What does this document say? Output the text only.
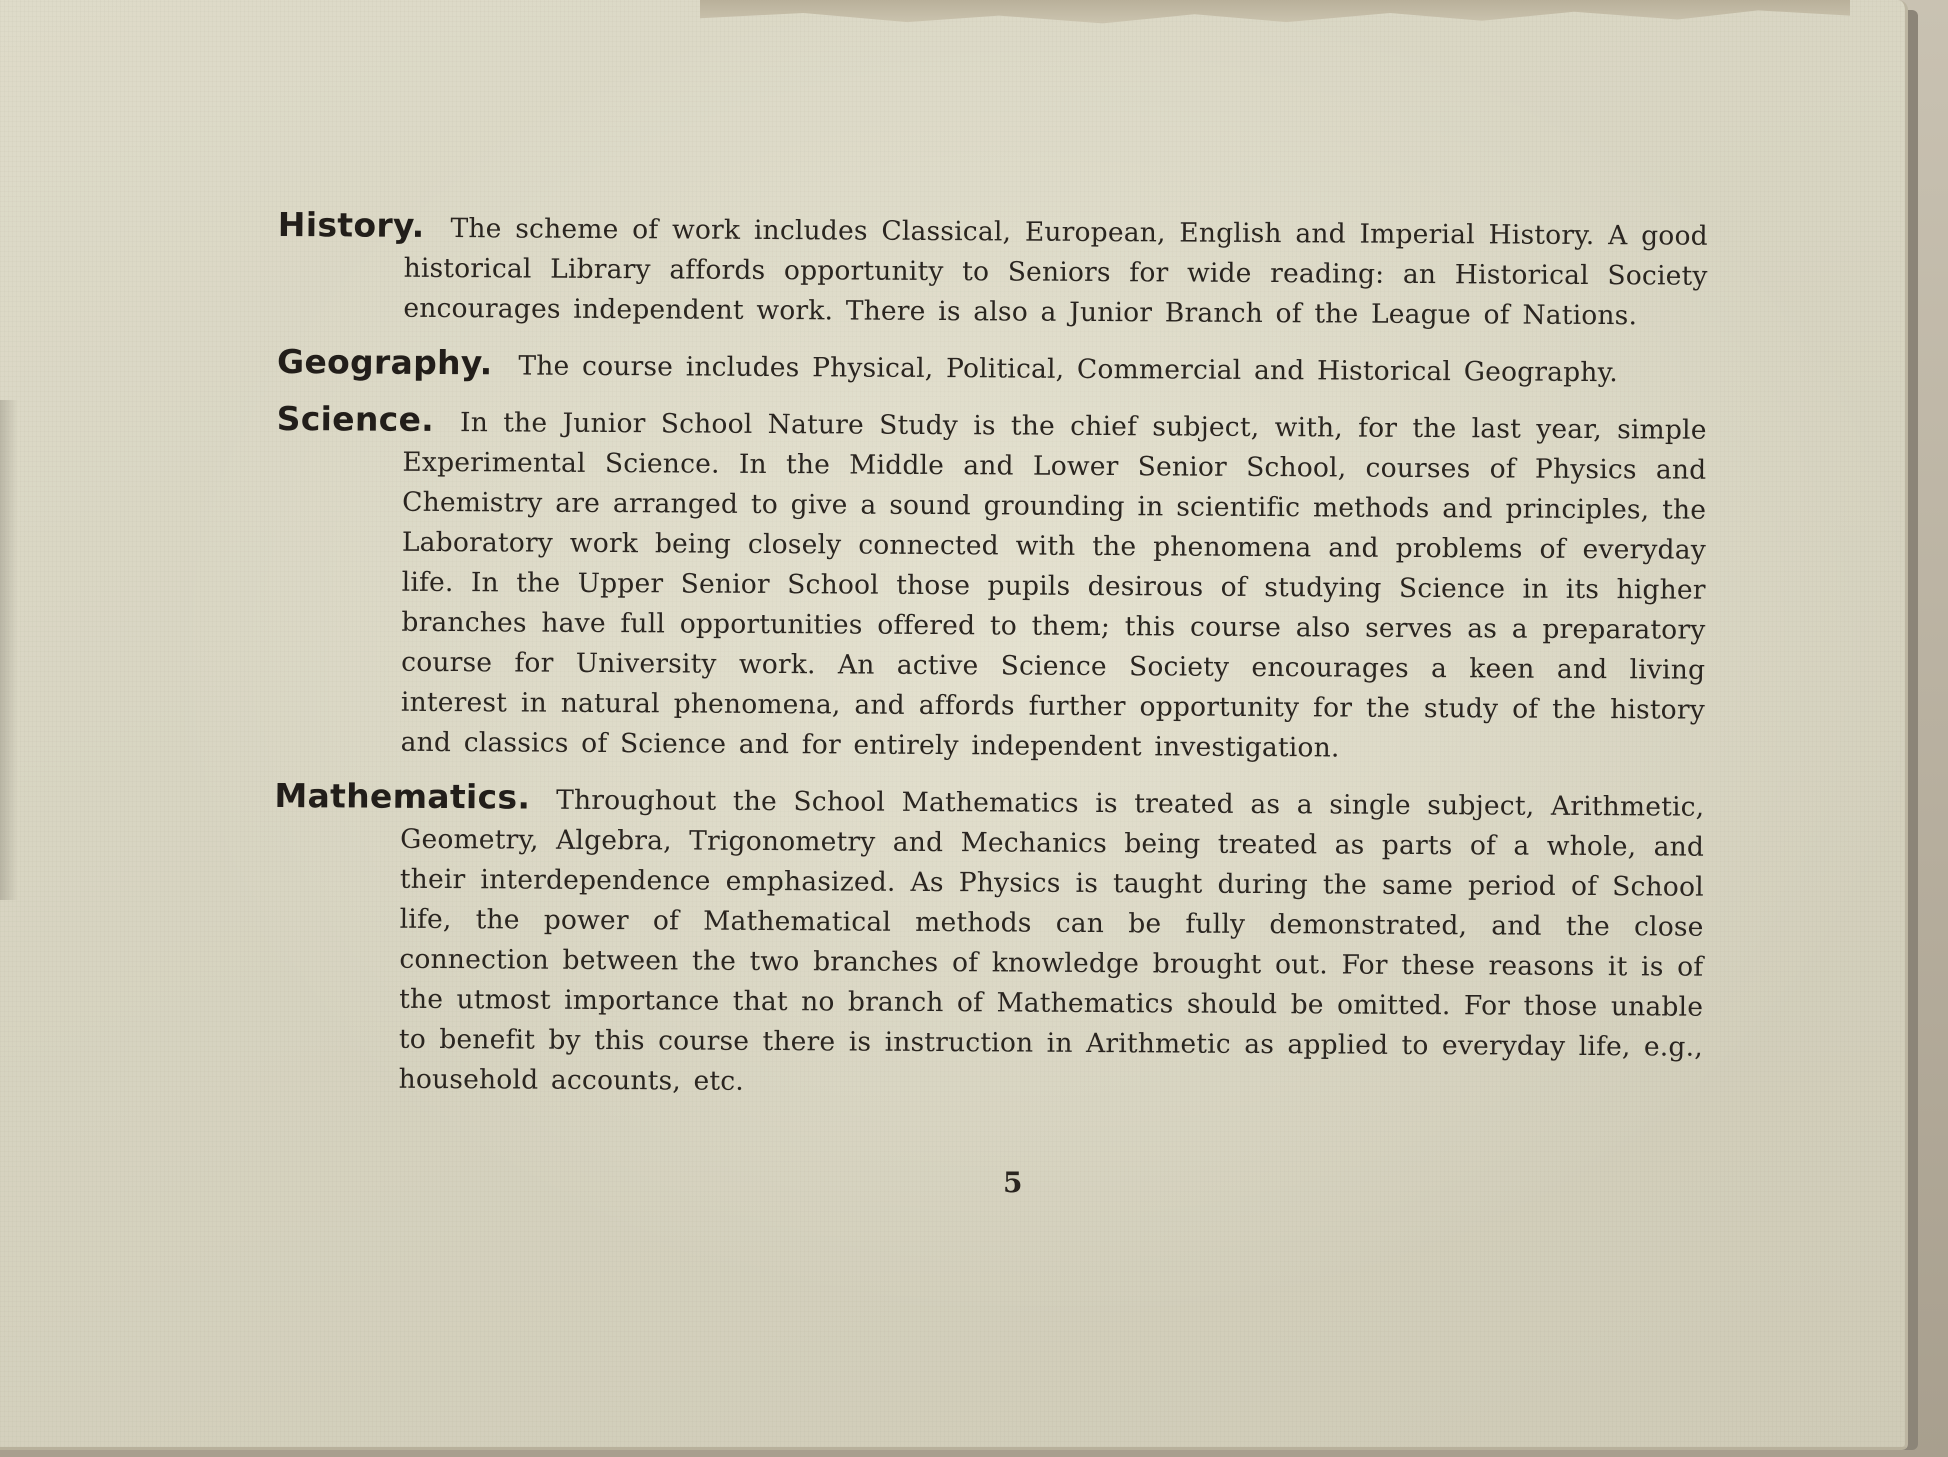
History. The scheme of work includes Classical, European, English and Imperial History. A good historical Library affords opportunity to Seniors for wide reading: an Historical Society encourages independent work. There is also a Junior Branch of the League of Nations.

Geography. The course includes Physical, Political, Commercial and Historical Geography.

Science. In the Junior School Nature Study is the chief subject, with, for the last year, simple Experimental Science. In the Middle and Lower Senior School, courses of Physics and Chemistry are arranged to give a sound grounding in scientific methods and principles, the Laboratory work being closely connected with the phenomena and problems of everyday life. In the Upper Senior School those pupils desirous of studying Science in its higher branches have full opportunities offered to them; this course also serves as a preparatory course for University work. An active Science Society encourages a keen and living interest in natural phenomena, and affords further opportunity for the study of the history and classics of Science and for entirely independent investigation.

Mathematics. Throughout the School Mathematics is treated as a single subject, Arithmetic, Geometry, Algebra, Trigonometry and Mechanics being treated as parts of a whole, and their interdependence emphasized. As Physics is taught during the same period of School life, the power of Mathematical methods can be fully demonstrated, and the close connection between the two branches of knowledge brought out. For these reasons it is of the utmost importance that no branch of Mathematics should be omitted. For those unable to benefit by this course there is instruction in Arithmetic as applied to everyday life, e.g., household accounts, etc.

5
